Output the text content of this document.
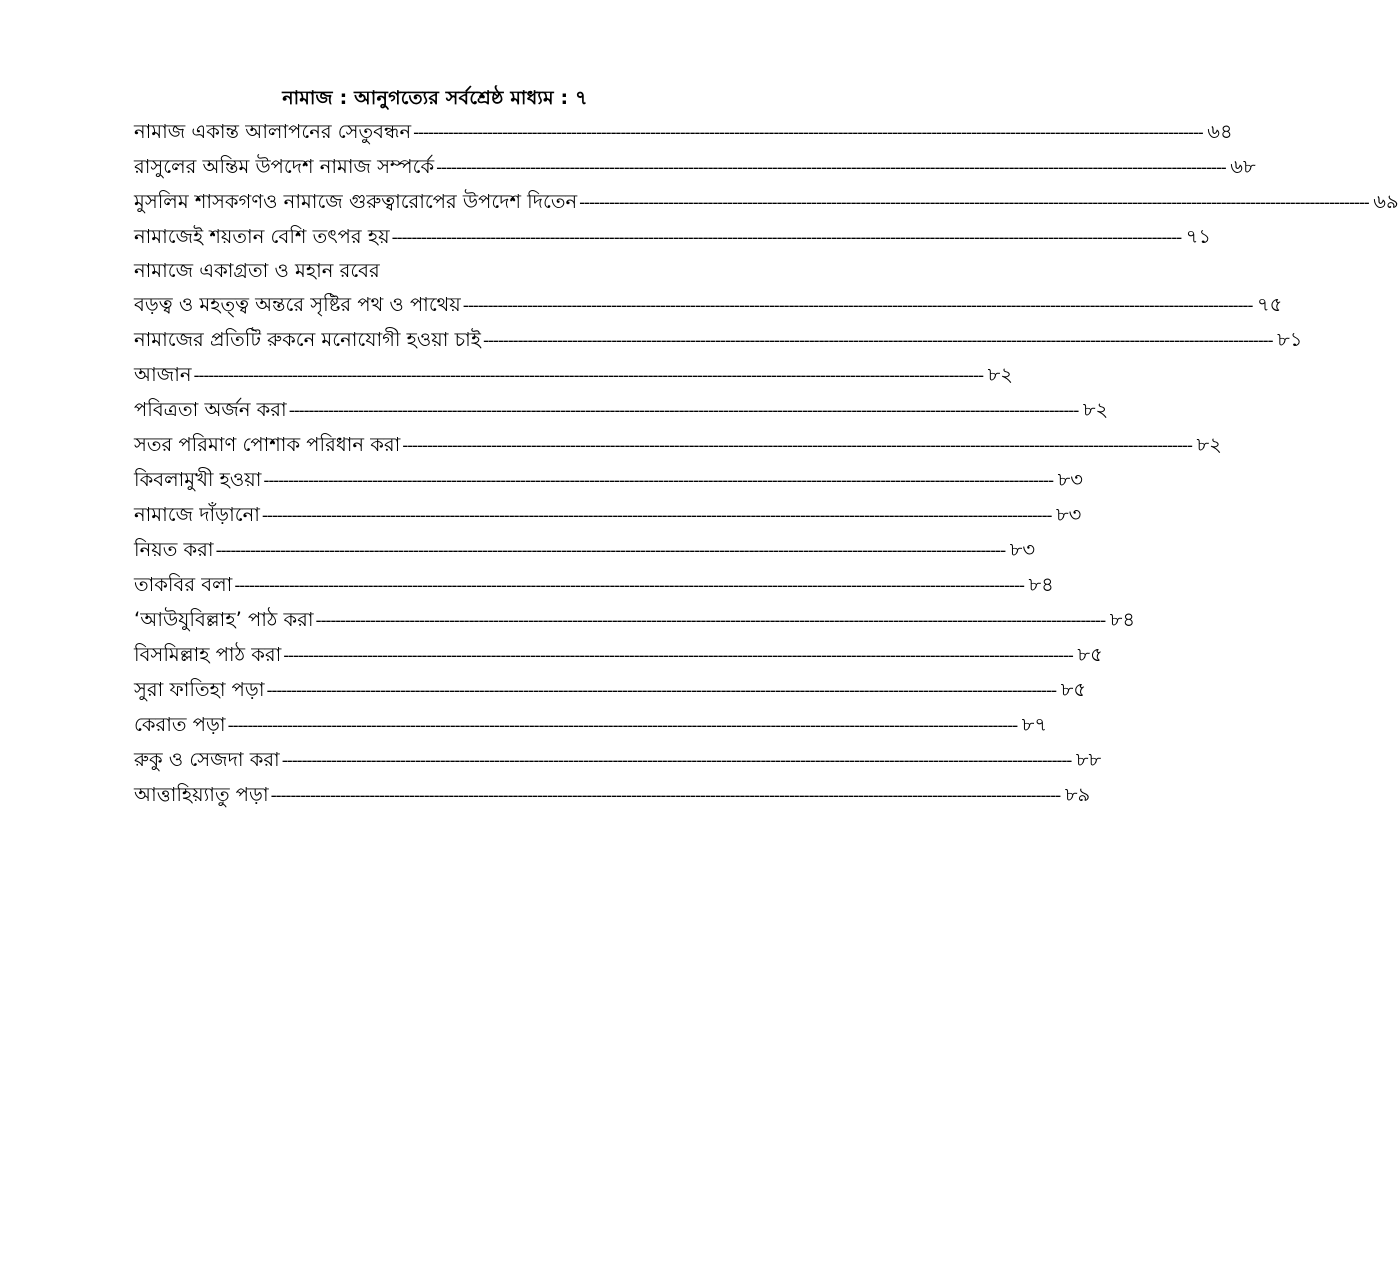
নামাজ : আনুগত্যের সর্বশ্রেষ্ঠ মাধ্যম : ৭
নামাজ একান্ত আলাপনের সেতুবন্ধন ---------------------------------------------------------------------------------------------------------------------------------------------------------------- ৬৪
রাসুলের অন্তিম উপদেশ নামাজ সম্পর্কে ---------------------------------------------------------------------------------------------------------------------------------------------------------------- ৬৮
মুসলিম শাসকগণও নামাজে গুরুত্বারোপের উপদেশ দিতেন ---------------------------------------------------------------------------------------------------------------------------------------------------------------- ৬৯
নামাজেই শয়তান বেশি তৎপর হয় ---------------------------------------------------------------------------------------------------------------------------------------------------------------- ৭১
নামাজে একাগ্রতা ও মহান রবের
বড়ত্ব ও মহত্ত্ব অন্তরে সৃষ্টির পথ ও পাথেয় ---------------------------------------------------------------------------------------------------------------------------------------------------------------- ৭৫
নামাজের প্রতিটি রুকনে মনোযোগী হওয়া চাই ---------------------------------------------------------------------------------------------------------------------------------------------------------------- ৮১
আজান ---------------------------------------------------------------------------------------------------------------------------------------------------------------- ৮২
পবিত্রতা অর্জন করা ---------------------------------------------------------------------------------------------------------------------------------------------------------------- ৮২
সতর পরিমাণ পোশাক পরিধান করা ---------------------------------------------------------------------------------------------------------------------------------------------------------------- ৮২
কিবলামুখী হওয়া ---------------------------------------------------------------------------------------------------------------------------------------------------------------- ৮৩
নামাজে দাঁড়ানো ---------------------------------------------------------------------------------------------------------------------------------------------------------------- ৮৩
নিয়ত করা ---------------------------------------------------------------------------------------------------------------------------------------------------------------- ৮৩
তাকবির বলা ---------------------------------------------------------------------------------------------------------------------------------------------------------------- ৮৪
‘আউযুবিল্লাহ’ পাঠ করা ---------------------------------------------------------------------------------------------------------------------------------------------------------------- ৮৪
বিসমিল্লাহ পাঠ করা ---------------------------------------------------------------------------------------------------------------------------------------------------------------- ৮৫
সুরা ফাতিহা পড়া ---------------------------------------------------------------------------------------------------------------------------------------------------------------- ৮৫
কেরাত পড়া ---------------------------------------------------------------------------------------------------------------------------------------------------------------- ৮৭
রুকু ও সেজদা করা ---------------------------------------------------------------------------------------------------------------------------------------------------------------- ৮৮
আত্তাহিয়্যাতু পড়া ---------------------------------------------------------------------------------------------------------------------------------------------------------------- ৮৯
